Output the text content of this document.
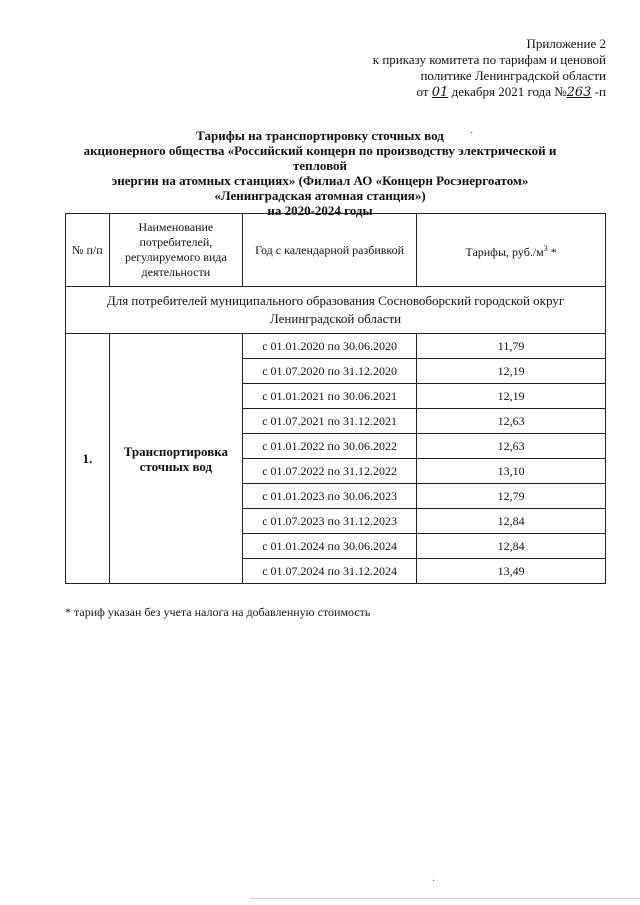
Приложение 2
к приказу комитета по тарифам и ценовой
политике Ленинградской области
от 01 декабря 2021 года №263 -п
Тарифы на транспортировку сточных вод
акционерного общества «Российский концерн по производству электрической и тепловой
энергии на атомных станциях» (Филиал АО «Концерн Росэнергоатом»
«Ленинградская атомная станция»)
на 2020-2024 годы
№ п/п	Наименование потребителей, регулируемого вида деятельности	Год с календарной разбивкой	Тарифы, $руб./м^3$ *
Для потребителей муниципального образования Сосновоборский городской округ Ленинградской области			
1.	Транспортировка сточных вод	с 01.01.2020 по 30.06.2020	11,79
		с 01.07.2020 по 31.12.2020	12,19
		с 01.01.2021 по 30.06.2021	12,19
		с 01.07.2021 по 31.12.2021	12,63
		с 01.01.2022 по 30.06.2022	12,63
		с 01.07.2022 по 31.12.2022	13,10
		с 01.01.2023 по 30.06.2023	12,79
		с 01.07.2023 по 31.12.2023	12,84
		с 01.01.2024 по 30.06.2024	12,84
		с 01.07.2024 по 31.12.2024	13,49
* тариф указан без учета налога на добавленную стоимость
·
·
